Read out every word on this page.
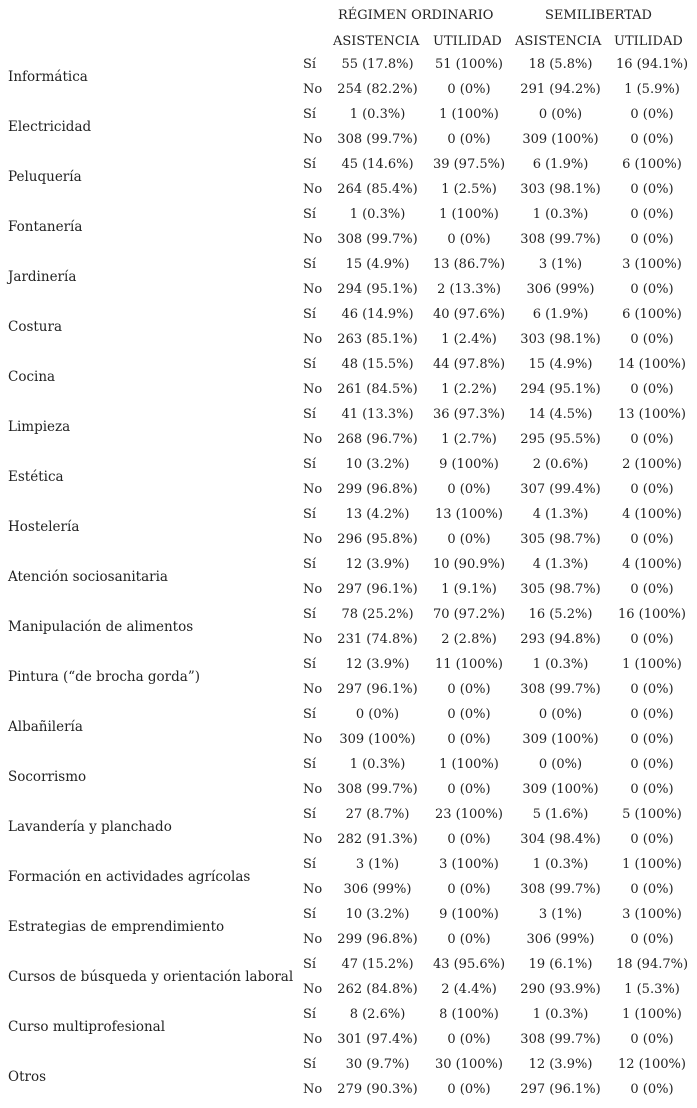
RÉGIMEN ORDINARIO	SEMILIBERTAD
ASISTENCIA UTILIDAD ASISTENCIA UTILIDAD
Informática
Sí	55 (17.8%)	51 (100%)	18 (5.8%)	16 (94.1%)
No	254 (82.2%)	0 (0%)	291 (94.2%)	1 (5.9%)
Electricidad
Sí	1 (0.3%)	1 (100%)	0 (0%)	0 (0%)
No	308 (99.7%)	0 (0%)	309 (100%)	0 (0%)
Peluquería
Sí	45 (14.6%)	39 (97.5%)	6 (1.9%)	6 (100%)
No	264 (85.4%)	1 (2.5%)	303 (98.1%)	0 (0%)
Fontanería
Sí	1 (0.3%)	1 (100%)	1 (0.3%)	0 (0%)
No	308 (99.7%)	0 (0%)	308 (99.7%)	0 (0%)
Jardinería
Sí	15 (4.9%)	13 (86.7%)	3 (1%)	3 (100%)
No	294 (95.1%)	2 (13.3%)	306 (99%)	0 (0%)
Costura
Sí	46 (14.9%)	40 (97.6%)	6 (1.9%)	6 (100%)
No	263 (85.1%)	1 (2.4%)	303 (98.1%)	0 (0%)
Cocina
Sí	48 (15.5%)	44 (97.8%)	15 (4.9%)	14 (100%)
No	261 (84.5%)	1 (2.2%)	294 (95.1%)	0 (0%)
Limpieza
Sí	41 (13.3%)	36 (97.3%)	14 (4.5%)	13 (100%)
No	268 (96.7%)	1 (2.7%)	295 (95.5%)	0 (0%)
Estética
Sí	10 (3.2%)	9 (100%)	2 (0.6%)	2 (100%)
No	299 (96.8%)	0 (0%)	307 (99.4%)	0 (0%)
Hostelería
Sí	13 (4.2%)	13 (100%)	4 (1.3%)	4 (100%)
No	296 (95.8%)	0 (0%)	305 (98.7%)	0 (0%)
Atención sociosanitaria
Sí	12 (3.9%)	10 (90.9%)	4 (1.3%)	4 (100%)
No	297 (96.1%)	1 (9.1%)	305 (98.7%)	0 (0%)
Manipulación de alimentos
Sí	78 (25.2%)	70 (97.2%)	16 (5.2%)	16 (100%)
No	231 (74.8%)	2 (2.8%)	293 (94.8%)	0 (0%)
Pintura (“de brocha gorda”)
Sí	12 (3.9%)	11 (100%)	1 (0.3%)	1 (100%)
No	297 (96.1%)	0 (0%)	308 (99.7%)	0 (0%)
Albañilería
Sí	0 (0%)	0 (0%)	0 (0%)	0 (0%)
No	309 (100%)	0 (0%)	309 (100%)	0 (0%)
Socorrismo
Sí	1 (0.3%)	1 (100%)	0 (0%)	0 (0%)
No	308 (99.7%)	0 (0%)	309 (100%)	0 (0%)
Lavandería y planchado
Sí	27 (8.7%)	23 (100%)	5 (1.6%)	5 (100%)
No	282 (91.3%)	0 (0%)	304 (98.4%)	0 (0%)
Formación en actividades agrícolas
Sí	3 (1%)	3 (100%)	1 (0.3%)	1 (100%)
No	306 (99%)	0 (0%)	308 (99.7%)	0 (0%)
Estrategias de emprendimiento
Sí	10 (3.2%)	9 (100%)	3 (1%)	3 (100%)
No	299 (96.8%)	0 (0%)	306 (99%)	0 (0%)
Cursos de búsqueda y orientación laboral
Sí	47 (15.2%)	43 (95.6%)	19 (6.1%)	18 (94.7%)
No	262 (84.8%)	2 (4.4%)	290 (93.9%)	1 (5.3%)
Curso multiprofesional
Sí	8 (2.6%)	8 (100%)	1 (0.3%)	1 (100%)
No	301 (97.4%)	0 (0%)	308 (99.7%)	0 (0%)
Otros
Sí	30 (9.7%)	30 (100%)	12 (3.9%)	12 (100%)
No	279 (90.3%)	0 (0%)	297 (96.1%)	0 (0%)
